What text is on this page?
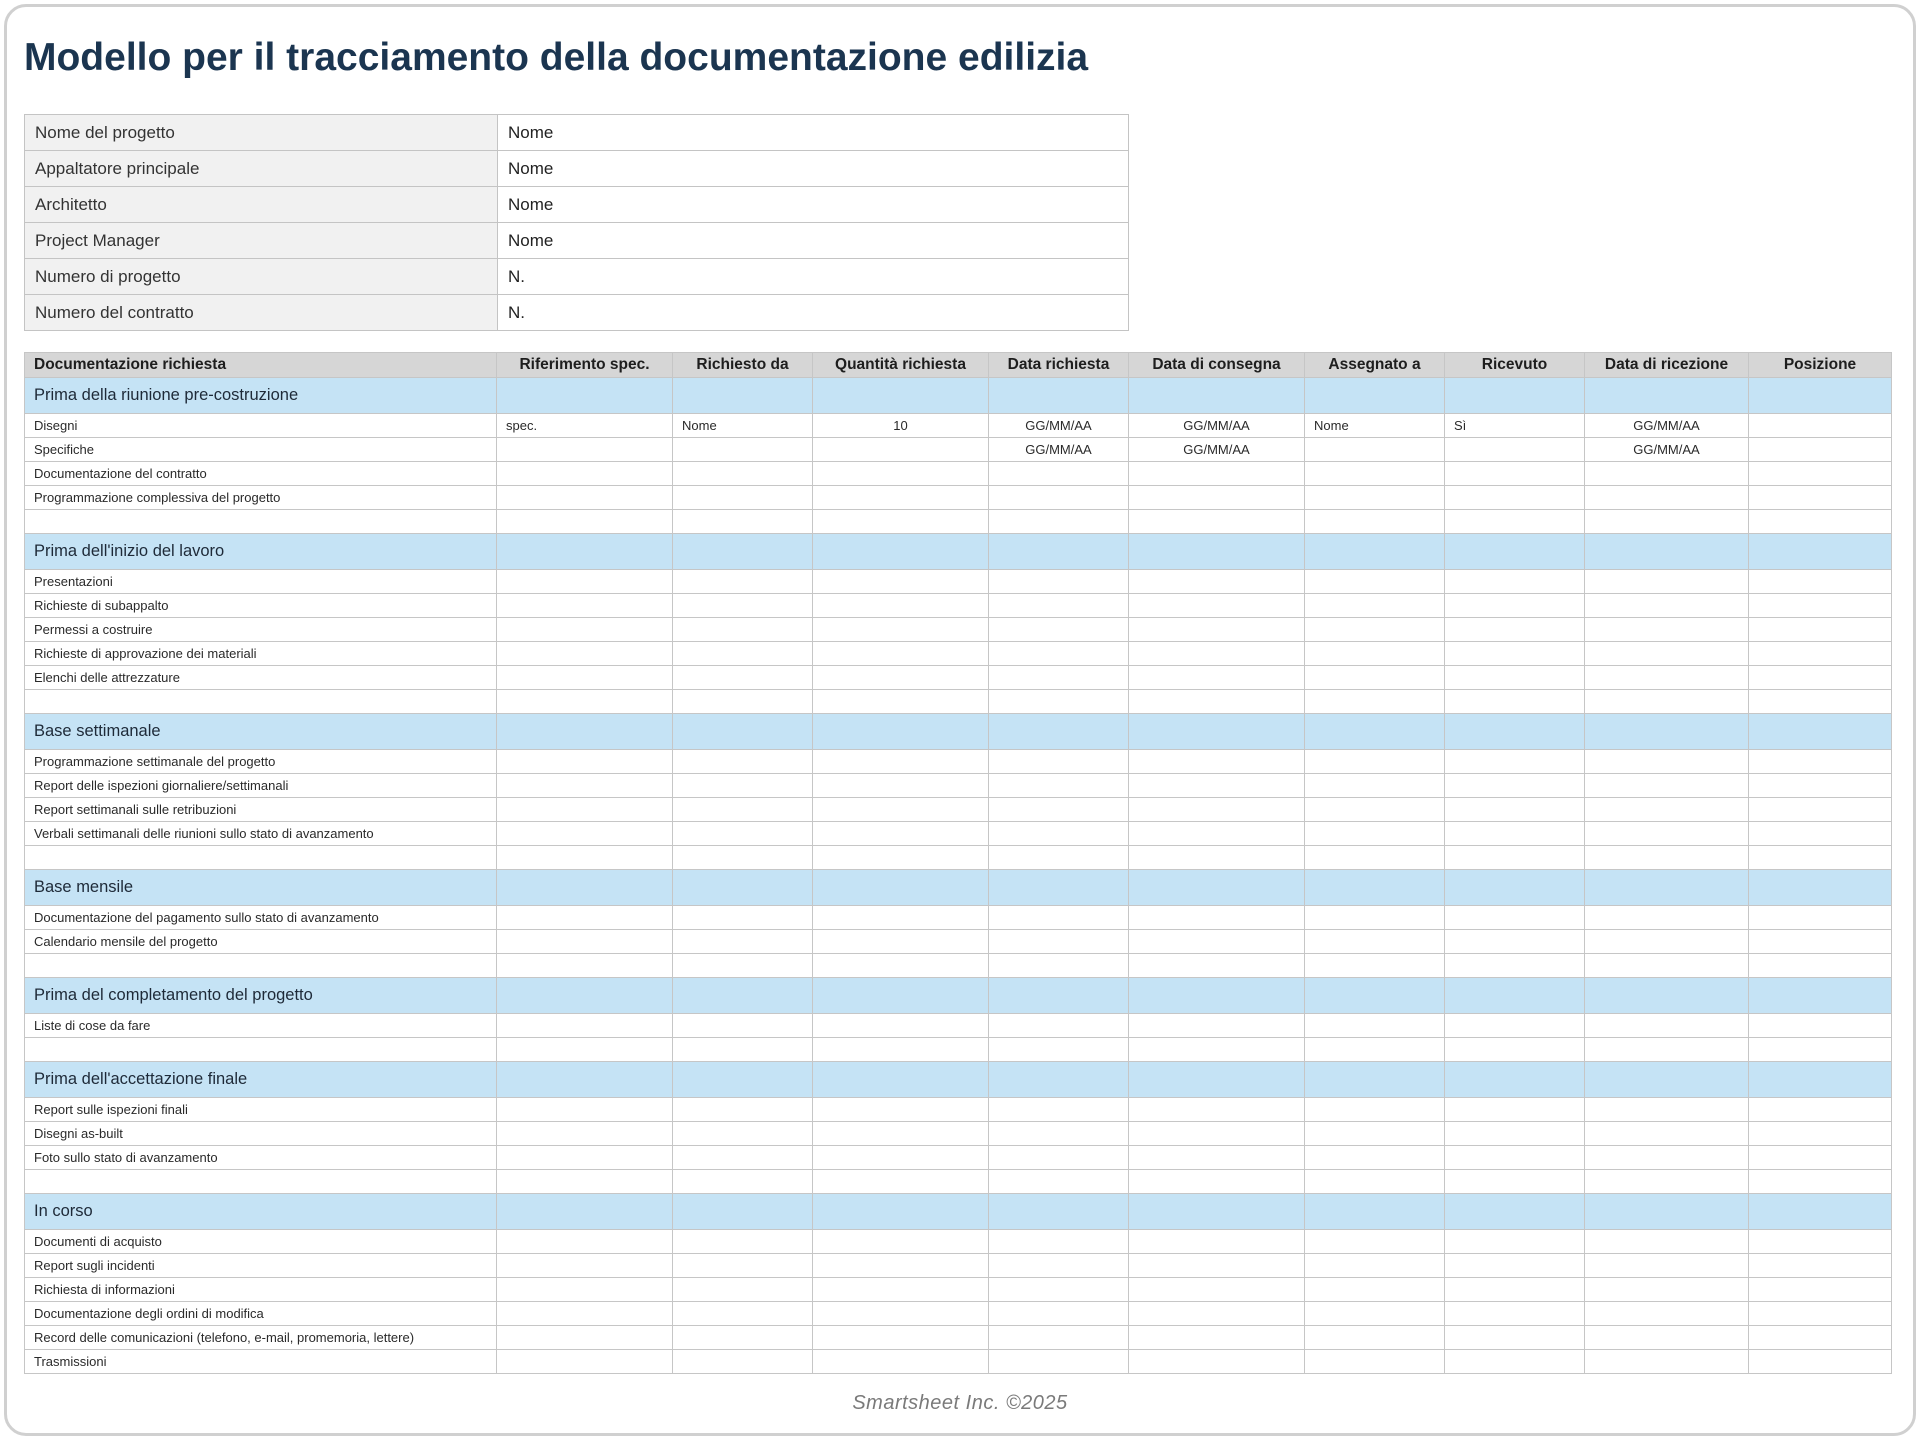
Modello per il tracciamento della documentazione edilizia
Nome del progetto	Nome
Appaltatore principale	Nome
Architetto	Nome
Project Manager	Nome
Numero di progetto	N.
Numero del contratto	N.
Documentazione richiesta	Riferimento spec.	Richiesto da	Quantità richiesta	Data richiesta	Data di consegna	Assegnato a	Ricevuto	Data di ricezione	Posizione
Prima della riunione pre-costruzione									
Disegni	spec.	Nome	10	GG/MM/AA	GG/MM/AA	Nome	Sì	GG/MM/AA	
Specifiche				GG/MM/AA	GG/MM/AA			GG/MM/AA	
Documentazione del contratto									
Programmazione complessiva del progetto									

Prima dell'inizio del lavoro									
Presentazioni									
Richieste di subappalto									
Permessi a costruire									
Richieste di approvazione dei materiali									
Elenchi delle attrezzature									

Base settimanale									
Programmazione settimanale del progetto									
Report delle ispezioni giornaliere/settimanali									
Report settimanali sulle retribuzioni									
Verbali settimanali delle riunioni sullo stato di avanzamento									

Base mensile									
Documentazione del pagamento sullo stato di avanzamento									
Calendario mensile del progetto									

Prima del completamento del progetto									
Liste di cose da fare									

Prima dell'accettazione finale									
Report sulle ispezioni finali									
Disegni as-built									
Foto sullo stato di avanzamento									

In corso									
Documenti di acquisto									
Report sugli incidenti									
Richiesta di informazioni									
Documentazione degli ordini di modifica									
Record delle comunicazioni (telefono, e-mail, promemoria, lettere)									
Trasmissioni									
Smartsheet Inc. ©2025
